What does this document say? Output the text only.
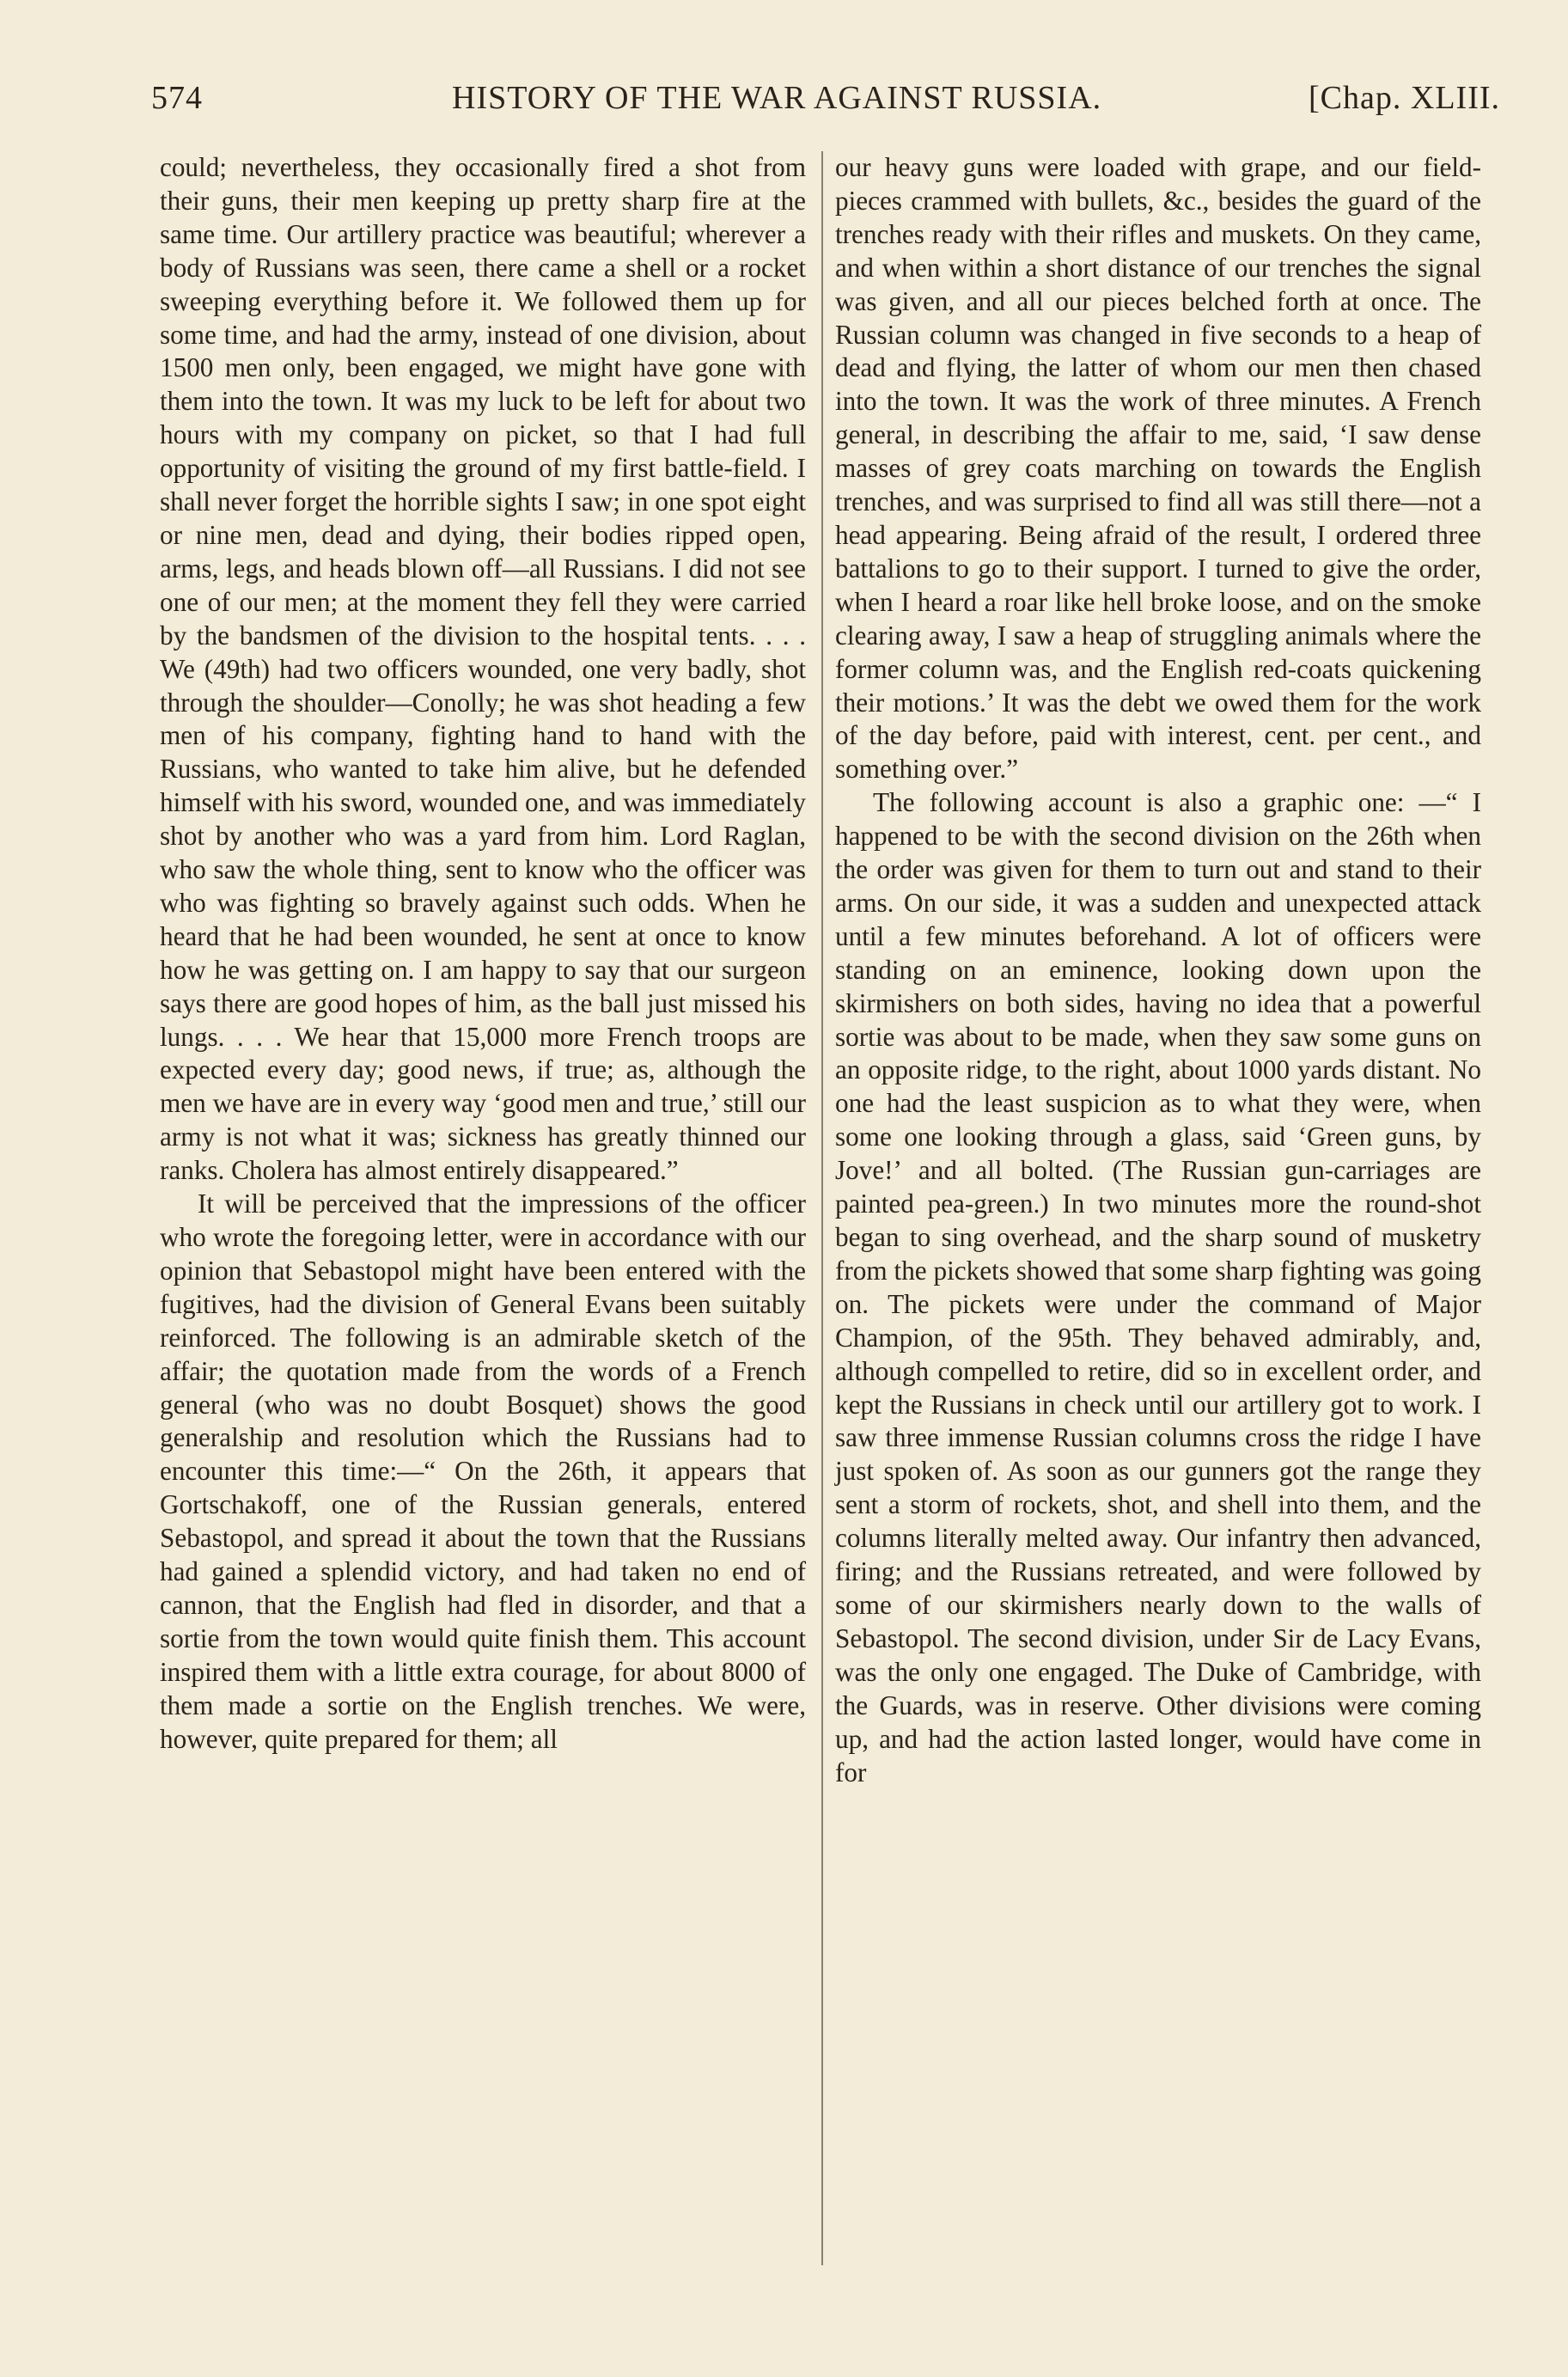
574	HISTORY OF THE WAR AGAINST RUSSIA.	[Chap. XLIII.

could; nevertheless, they occasionally fired a shot from their guns, their men keeping up pretty sharp fire at the same time. Our artillery practice was beautiful; wherever a body of Russians was seen, there came a shell or a rocket sweeping everything before it. We followed them up for some time, and had the army, instead of one division, about 1500 men only, been engaged, we might have gone with them into the town. It was my luck to be left for about two hours with my company on picket, so that I had full opportunity of visiting the ground of my first battle-field. I shall never forget the horrible sights I saw; in one spot eight or nine men, dead and dying, their bodies ripped open, arms, legs, and heads blown off—all Russians. I did not see one of our men; at the moment they fell they were carried by the bandsmen of the division to the hospital tents. . . . We (49th) had two officers wounded, one very badly, shot through the shoulder—Conolly; he was shot heading a few men of his company, fighting hand to hand with the Russians, who wanted to take him alive, but he defended himself with his sword, wounded one, and was immediately shot by another who was a yard from him. Lord Raglan, who saw the whole thing, sent to know who the officer was who was fighting so bravely against such odds. When he heard that he had been wounded, he sent at once to know how he was getting on. I am happy to say that our surgeon says there are good hopes of him, as the ball just missed his lungs. . . . We hear that 15,000 more French troops are expected every day; good news, if true; as, although the men we have are in every way ‘good men and true,’ still our army is not what it was; sickness has greatly thinned our ranks. Cholera has almost entirely disappeared.”

It will be perceived that the impressions of the officer who wrote the foregoing letter, were in accordance with our opinion that Sebastopol might have been entered with the fugitives, had the division of General Evans been suitably reinforced. The following is an admirable sketch of the affair; the quotation made from the words of a French general (who was no doubt Bosquet) shows the good generalship and resolution which the Russians had to encounter this time:—“ On the 26th, it appears that Gortschakoff, one of the Russian generals, entered Sebastopol, and spread it about the town that the Russians had gained a splendid victory, and had taken no end of cannon, that the English had fled in disorder, and that a sortie from the town would quite finish them. This account inspired them with a little extra courage, for about 8000 of them made a sortie on the English trenches. We were, however, quite prepared for them; all

our heavy guns were loaded with grape, and our field-pieces crammed with bullets, &c., besides the guard of the trenches ready with their rifles and muskets. On they came, and when within a short distance of our trenches the signal was given, and all our pieces belched forth at once. The Russian column was changed in five seconds to a heap of dead and flying, the latter of whom our men then chased into the town. It was the work of three minutes. A French general, in describing the affair to me, said, ‘I saw dense masses of grey coats marching on towards the English trenches, and was surprised to find all was still there—not a head appearing. Being afraid of the result, I ordered three battalions to go to their support. I turned to give the order, when I heard a roar like hell broke loose, and on the smoke clearing away, I saw a heap of struggling animals where the former column was, and the English red-coats quickening their motions.’ It was the debt we owed them for the work of the day before, paid with interest, cent. per cent., and something over.”

The following account is also a graphic one: —“ I happened to be with the second division on the 26th when the order was given for them to turn out and stand to their arms. On our side, it was a sudden and unexpected attack until a few minutes beforehand. A lot of officers were standing on an eminence, looking down upon the skirmishers on both sides, having no idea that a powerful sortie was about to be made, when they saw some guns on an opposite ridge, to the right, about 1000 yards distant. No one had the least suspicion as to what they were, when some one looking through a glass, said ‘Green guns, by Jove!’ and all bolted. (The Russian gun-carriages are painted pea-green.) In two minutes more the round-shot began to sing overhead, and the sharp sound of musketry from the pickets showed that some sharp fighting was going on. The pickets were under the command of Major Champion, of the 95th. They behaved admirably, and, although compelled to retire, did so in excellent order, and kept the Russians in check until our artillery got to work. I saw three immense Russian columns cross the ridge I have just spoken of. As soon as our gunners got the range they sent a storm of rockets, shot, and shell into them, and the columns literally melted away. Our infantry then advanced, firing; and the Russians retreated, and were followed by some of our skirmishers nearly down to the walls of Sebastopol. The second division, under Sir de Lacy Evans, was the only one engaged. The Duke of Cambridge, with the Guards, was in reserve. Other divisions were coming up, and had the action lasted longer, would have come in for
